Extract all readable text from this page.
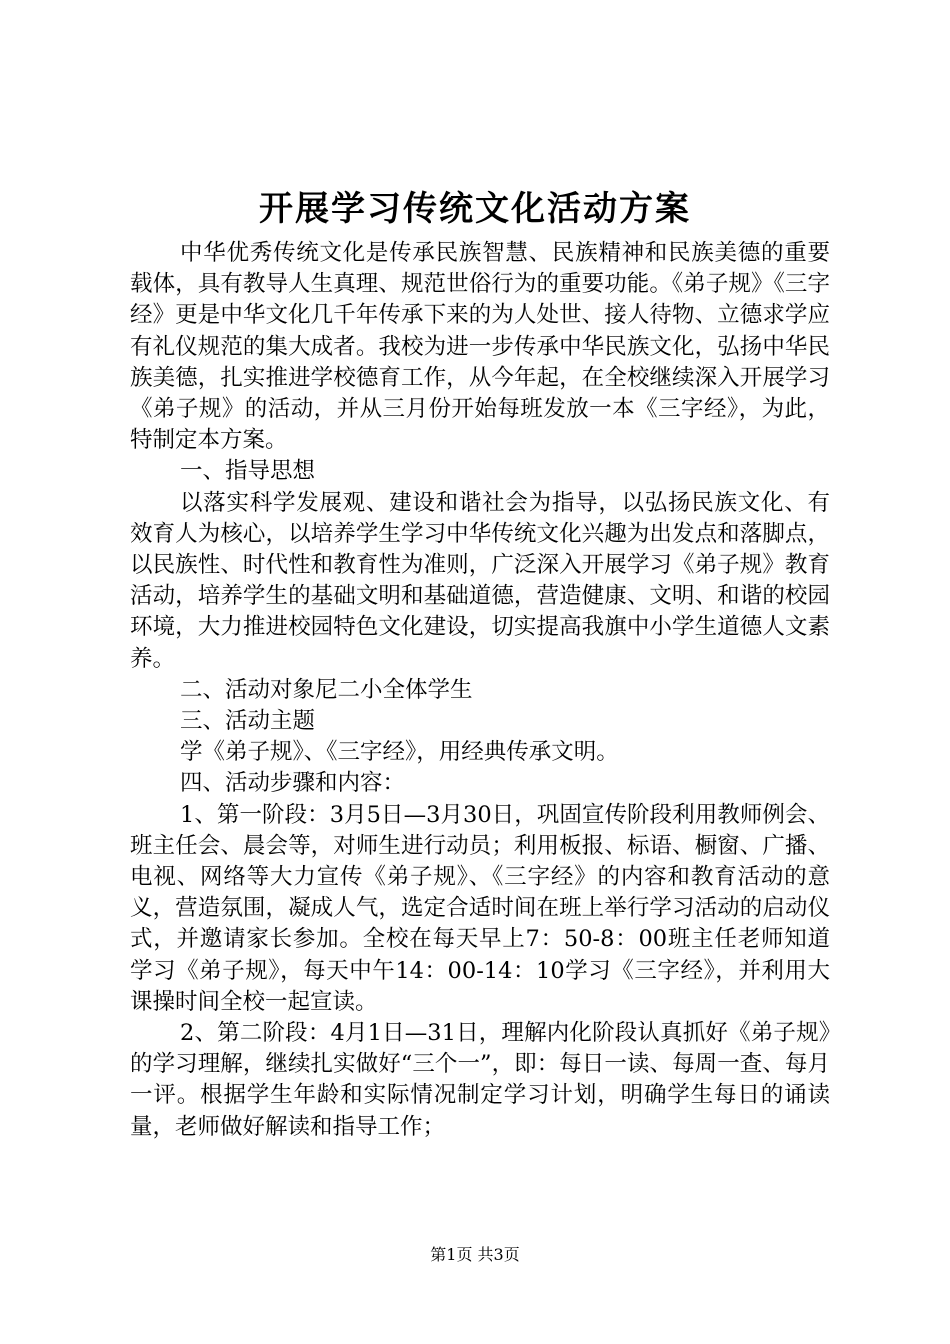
开展学习传统文化活动方案

中华优秀传统文化是传承民族智慧、民族精神和民族美德的重要载体，具有教导人生真理、规范世俗行为的重要功能。《弟子规》《三字经》更是中华文化几千年传承下来的为人处世、接人待物、立德求学应有礼仪规范的集大成者。我校为进一步传承中华民族文化，弘扬中华民族美德，扎实推进学校德育工作，从今年起，在全校继续深入开展学习《弟子规》的活动，并从三月份开始每班发放一本《三字经》，为此，特制定本方案。

一、指导思想

以落实科学发展观、建设和谐社会为指导，以弘扬民族文化、有效育人为核心，以培养学生学习中华传统文化兴趣为出发点和落脚点，以民族性、时代性和教育性为准则，广泛深入开展学习《弟子规》教育活动，培养学生的基础文明和基础道德，营造健康、文明、和谐的校园环境，大力推进校园特色文化建设，切实提高我旗中小学生道德人文素养。

二、活动对象尼二小全体学生

三、活动主题

学《弟子规》、《三字经》，用经典传承文明。

四、活动步骤和内容：

1、第一阶段：3月5日—3月30日，巩固宣传阶段利用教师例会、班主任会、晨会等，对师生进行动员；利用板报、标语、橱窗、广播、电视、网络等大力宣传《弟子规》、《三字经》的内容和教育活动的意义，营造氛围，凝成人气，选定合适时间在班上举行学习活动的启动仪式，并邀请家长参加。全校在每天早上7：50-8：00班主任老师知道学习《弟子规》，每天中午14：00-14：10学习《三字经》，并利用大课操时间全校一起宣读。

2、第二阶段：4月1日—31日，理解内化阶段认真抓好《弟子规》的学习理解，继续扎实做好“三个一”，即：每日一读、每周一查、每月一评。根据学生年龄和实际情况制定学习计划，明确学生每日的诵读量，老师做好解读和指导工作；

第1页 共3页
